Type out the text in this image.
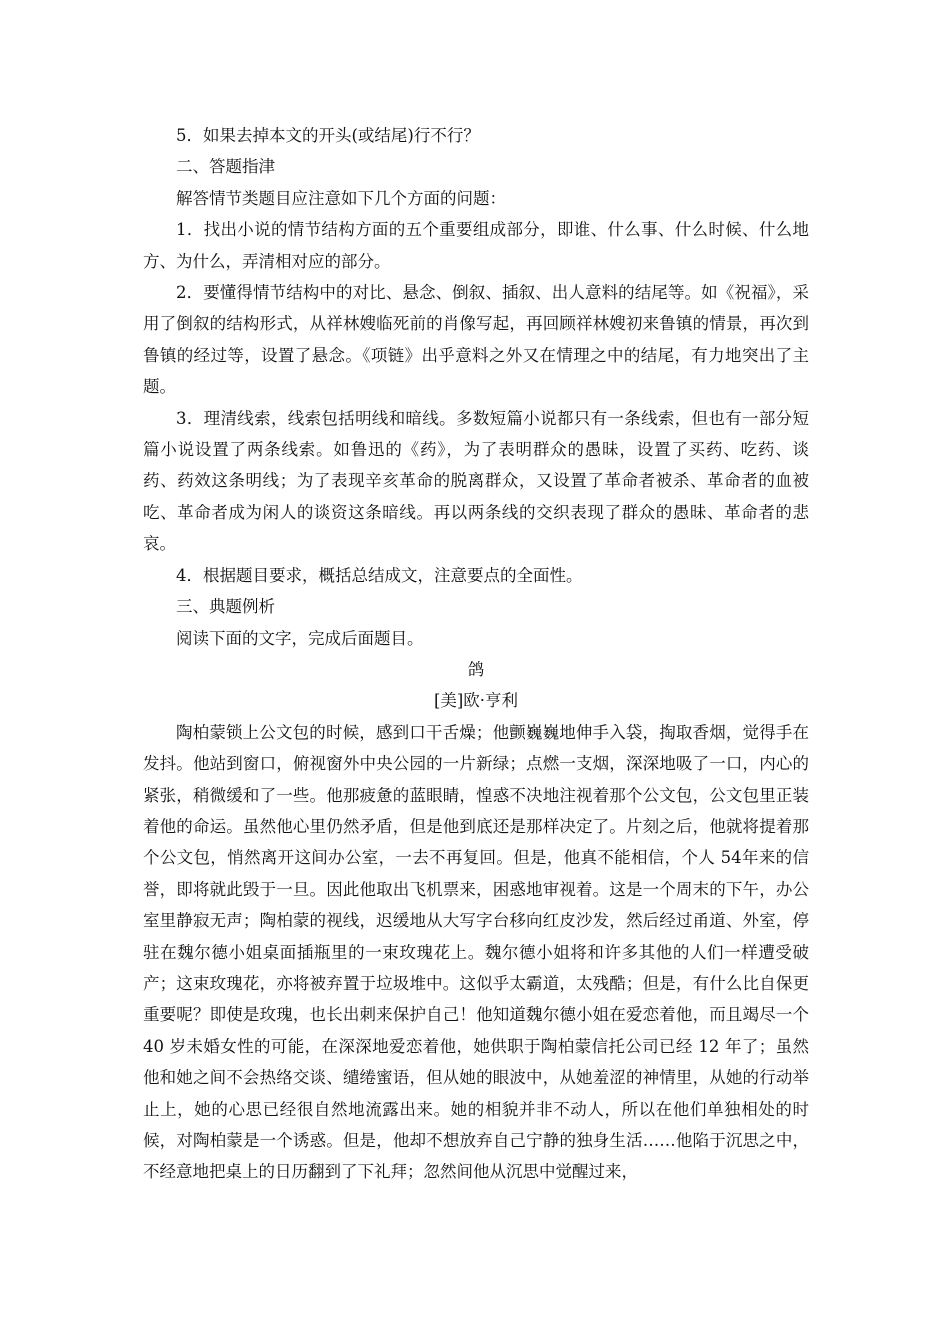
5．如果去掉本文的开头(或结尾)行不行？

二、答题指津

解答情节类题目应注意如下几个方面的问题：

1．找出小说的情节结构方面的五个重要组成部分，即谁、什么事、什么时候、什么地方、为什么，弄清相对应的部分。

2．要懂得情节结构中的对比、悬念、倒叙、插叙、出人意料的结尾等。如《祝福》，采用了倒叙的结构形式，从祥林嫂临死前的肖像写起，再回顾祥林嫂初来鲁镇的情景，再次到鲁镇的经过等，设置了悬念。《项链》出乎意料之外又在情理之中的结尾，有力地突出了主题。

3．理清线索，线索包括明线和暗线。多数短篇小说都只有一条线索，但也有一部分短篇小说设置了两条线索。如鲁迅的《药》，为了表明群众的愚昧，设置了买药、吃药、谈药、药效这条明线；为了表现辛亥革命的脱离群众，又设置了革命者被杀、革命者的血被吃、革命者成为闲人的谈资这条暗线。再以两条线的交织表现了群众的愚昧、革命者的悲哀。

4．根据题目要求，概括总结成文，注意要点的全面性。

三、典题例析

阅读下面的文字，完成后面题目。

鸽

[美]欧·亨利

陶柏蒙锁上公文包的时候，感到口干舌燥；他颤巍巍地伸手入袋，掏取香烟，觉得手在发抖。他站到窗口，俯视窗外中央公园的一片新绿；点燃一支烟，深深地吸了一口，内心的紧张，稍微缓和了一些。他那疲惫的蓝眼睛，惶惑不决地注视着那个公文包，公文包里正装着他的命运。虽然他心里仍然矛盾，但是他到底还是那样决定了。片刻之后，他就将提着那个公文包，悄然离开这间办公室，一去不再复回。但是，他真不能相信，个人 54年来的信誉，即将就此毁于一旦。因此他取出飞机票来，困惑地审视着。这是一个周末的下午，办公室里静寂无声；陶柏蒙的视线，迟缓地从大写字台移向红皮沙发，然后经过甬道、外室，停驻在魏尔德小姐桌面插瓶里的一束玫瑰花上。魏尔德小姐将和许多其他的人们一样遭受破产；这束玫瑰花，亦将被弃置于垃圾堆中。这似乎太霸道，太残酷；但是，有什么比自保更重要呢？即使是玫瑰，也长出刺来保护自己！他知道魏尔德小姐在爱恋着他，而且竭尽一个 40 岁未婚女性的可能，在深深地爱恋着他，她供职于陶柏蒙信托公司已经 12 年了；虽然他和她之间不会热络交谈、缱绻蜜语，但从她的眼波中，从她羞涩的神情里，从她的行动举止上，她的心思已经很自然地流露出来。她的相貌并非不动人，所以在他们单独相处的时候，对陶柏蒙是一个诱惑。但是，他却不想放弃自己宁静的独身生活……他陷于沉思之中，不经意地把桌上的日历翻到了下礼拜；忽然间他从沉思中觉醒过来，
